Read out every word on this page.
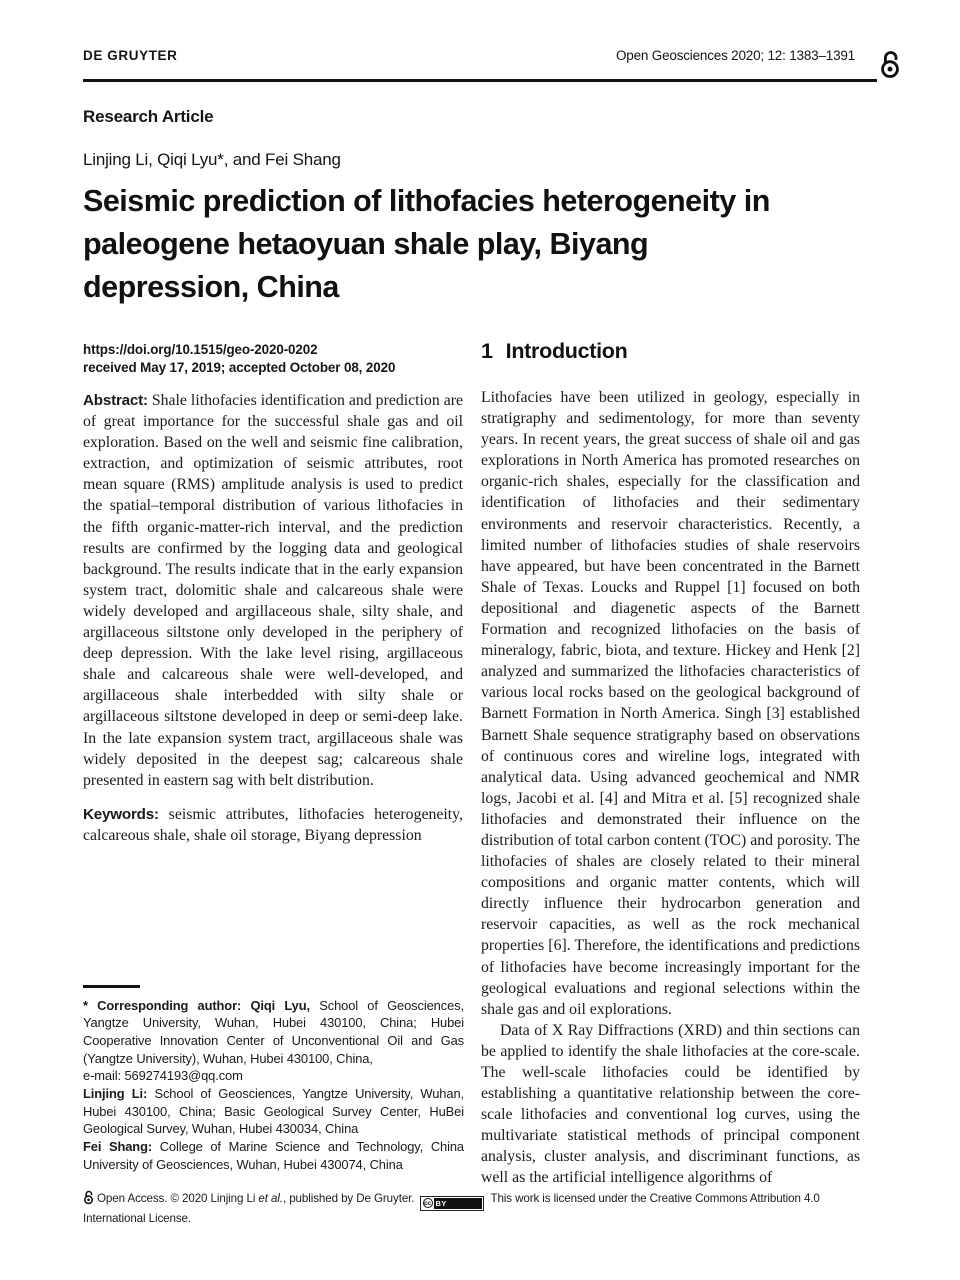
DE GRUYTER	Open Geosciences 2020; 12: 1383–1391
Research Article
Linjing Li, Qiqi Lyu*, and Fei Shang
Seismic prediction of lithofacies heterogeneity in
paleogene hetaoyuan shale play, Biyang
depression, China
https://doi.org/10.1515/geo-2020-0202
received May 17, 2019; accepted October 08, 2020

Abstract: Shale lithofacies identification and prediction are of great importance for the successful shale gas and oil exploration. Based on the well and seismic fine calibration, extraction, and optimization of seismic attributes, root mean square (RMS) amplitude analysis is used to predict the spatial–temporal distribution of various lithofacies in the fifth organic-matter-rich interval, and the prediction results are confirmed by the logging data and geological background. The results indicate that in the early expansion system tract, dolomitic shale and calcareous shale were widely developed and argillaceous shale, silty shale, and argillaceous siltstone only developed in the periphery of deep depression. With the lake level rising, argillaceous shale and calcareous shale were well-developed, and argillaceous shale interbedded with silty shale or argillaceous siltstone developed in deep or semi-deep lake. In the late expansion system tract, argillaceous shale was widely deposited in the deepest sag; calcareous shale presented in eastern sag with belt distribution.

Keywords: seismic attributes, lithofacies heterogeneity, calcareous shale, shale oil storage, Biyang depression

* Corresponding author: Qiqi Lyu, School of Geosciences, Yangtze University, Wuhan, Hubei 430100, China; Hubei Cooperative Innovation Center of Unconventional Oil and Gas (Yangtze University), Wuhan, Hubei 430100, China,
e-mail: 569274193@qq.com
Linjing Li: School of Geosciences, Yangtze University, Wuhan, Hubei 430100, China; Basic Geological Survey Center, HuBei Geological Survey, Wuhan, Hubei 430034, China
Fei Shang: College of Marine Science and Technology, China University of Geosciences, Wuhan, Hubei 430074, China
1 Introduction

Lithofacies have been utilized in geology, especially in stratigraphy and sedimentology, for more than seventy years. In recent years, the great success of shale oil and gas explorations in North America has promoted researches on organic-rich shales, especially for the classification and identification of lithofacies and their sedimentary environments and reservoir characteristics. Recently, a limited number of lithofacies studies of shale reservoirs have appeared, but have been concentrated in the Barnett Shale of Texas. Loucks and Ruppel [1] focused on both depositional and diagenetic aspects of the Barnett Formation and recognized lithofacies on the basis of mineralogy, fabric, biota, and texture. Hickey and Henk [2] analyzed and summarized the lithofacies characteristics of various local rocks based on the geological background of Barnett Formation in North America. Singh [3] established Barnett Shale sequence stratigraphy based on observations of continuous cores and wireline logs, integrated with analytical data. Using advanced geochemical and NMR logs, Jacobi et al. [4] and Mitra et al. [5] recognized shale lithofacies and demonstrated their influence on the distribution of total carbon content (TOC) and porosity. The lithofacies of shales are closely related to their mineral compositions and organic matter contents, which will directly influence their hydrocarbon generation and reservoir capacities, as well as the rock mechanical properties [6]. Therefore, the identifications and predictions of lithofacies have become increasingly important for the geological evaluations and regional selections within the shale gas and oil explorations.

Data of X Ray Diffractions (XRD) and thin sections can be applied to identify the shale lithofacies at the core-scale. The well-scale lithofacies could be identified by establishing a quantitative relationship between the core-scale lithofacies and conventional log curves, using the multivariate statistical methods of principal component analysis, cluster analysis, and discriminant functions, as well as the artificial intelligence algorithms of

Open Access. © 2020 Linjing Li et al., published by De Gruyter. cc BY	This work is licensed under the Creative Commons Attribution 4.0 International License.
